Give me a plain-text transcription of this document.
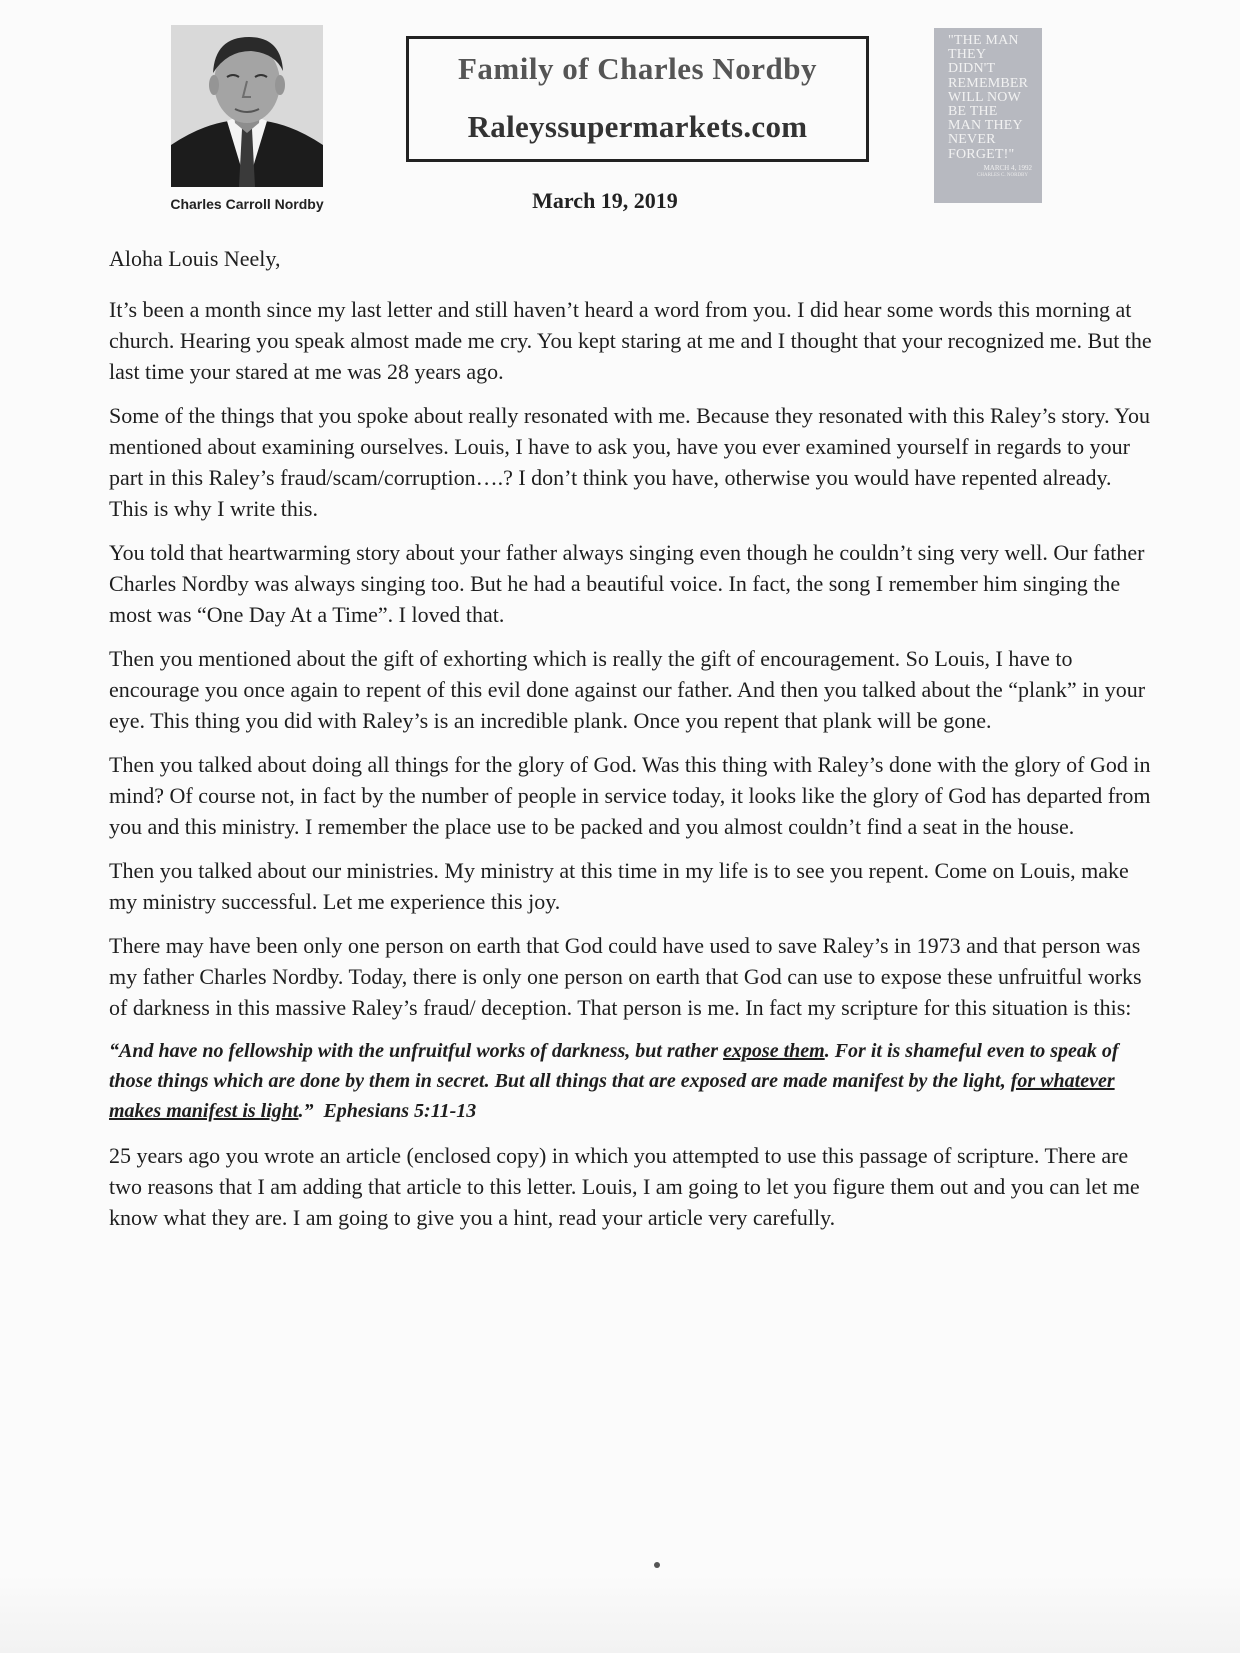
Charles Carroll Nordby
Family of Charles Nordby
Raleyssupermarkets.com
March 19, 2019
"THE MAN
THEY
DIDN'T
REMEMBER
WILL NOW
BE THE
MAN THEY
NEVER
FORGET!"
MARCH 4, 1992
CHARLES C. NORDBY

Aloha Louis Neely,

It’s been a month since my last letter and still haven’t heard a word from you. I did hear some words this morning at church. Hearing you speak almost made me cry. You kept staring at me and I thought that your recognized me. But the last time your stared at me was 28 years ago.

Some of the things that you spoke about really resonated with me. Because they resonated with this Raley’s story. You mentioned about examining ourselves. Louis, I have to ask you, have you ever examined yourself in regards to your part in this Raley’s fraud/scam/corruption….? I don’t think you have, otherwise you would have repented already. This is why I write this.

You told that heartwarming story about your father always singing even though he couldn’t sing very well. Our father Charles Nordby was always singing too. But he had a beautiful voice. In fact, the song I remember him singing the most was “One Day At a Time”. I loved that.

Then you mentioned about the gift of exhorting which is really the gift of encouragement. So Louis, I have to encourage you once again to repent of this evil done against our father. And then you talked about the “plank” in your eye. This thing you did with Raley’s is an incredible plank. Once you repent that plank will be gone.

Then you talked about doing all things for the glory of God. Was this thing with Raley’s done with the glory of God in mind? Of course not, in fact by the number of people in service today, it looks like the glory of God has departed from you and this ministry. I remember the place use to be packed and you almost couldn’t find a seat in the house.

Then you talked about our ministries. My ministry at this time in my life is to see you repent. Come on Louis, make my ministry successful. Let me experience this joy.

There may have been only one person on earth that God could have used to save Raley’s in 1973 and that person was my father Charles Nordby. Today, there is only one person on earth that God can use to expose these unfruitful works of darkness in this massive Raley’s fraud/ deception. That person is me. In fact my scripture for this situation is this:

“And have no fellowship with the unfruitful works of darkness, but rather expose them. For it is shameful even to speak of those things which are done by them in secret. But all things that are exposed are made manifest by the light, for whatever makes manifest is light.” Ephesians 5:11-13

25 years ago you wrote an article (enclosed copy) in which you attempted to use this passage of scripture. There are two reasons that I am adding that article to this letter. Louis, I am going to let you figure them out and you can let me know what they are. I am going to give you a hint, read your article very carefully.
